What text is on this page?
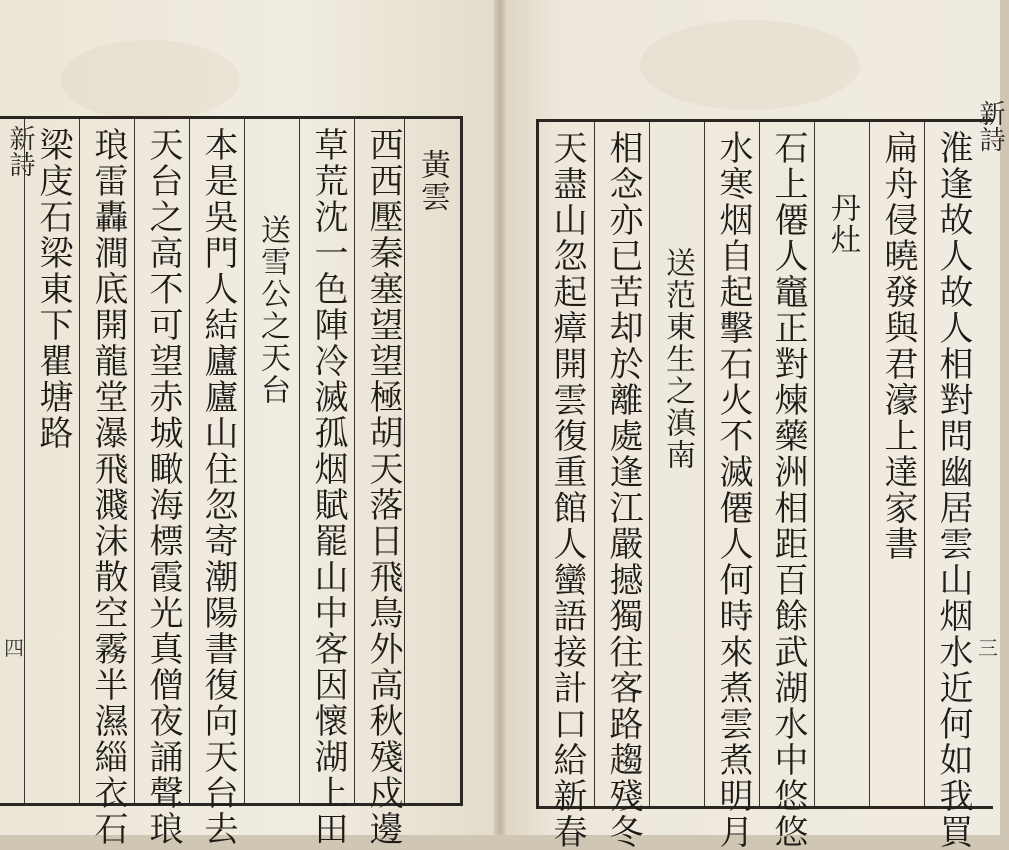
新詩
四
梁庋石梁東下瞿塘路 琅雷轟澗底開龍堂瀑飛濺沫散空霧半濕緇衣石 天台之高不可望赤城瞰海標霞光真僧夜誦聲琅 本是吳門人結廬廬山住忽寄潮陽書復向天台去 送雪公之天台 草荒沈一色陣冷滅孤烟賦罷山中客因懷湖上田 西西壓秦塞望望極胡天落日飛鳥外高秋殘戍邊 黃雲
新詩
三
天盡山忽起瘴開雲復重館人蠻語接計口給新春 相念亦已苦却於離處逢江嚴撼獨往客路趨殘冬 送范東生之滇南 水寒烟自起擊石火不滅僊人何時來煮雲煮明月 石上僊人竈正對煉藥洲相距百餘武湖水中悠悠 丹灶 扁舟侵曉發與君濠上達家書 淮逢故人故人相對問幽居雲山烟水近何如我買
